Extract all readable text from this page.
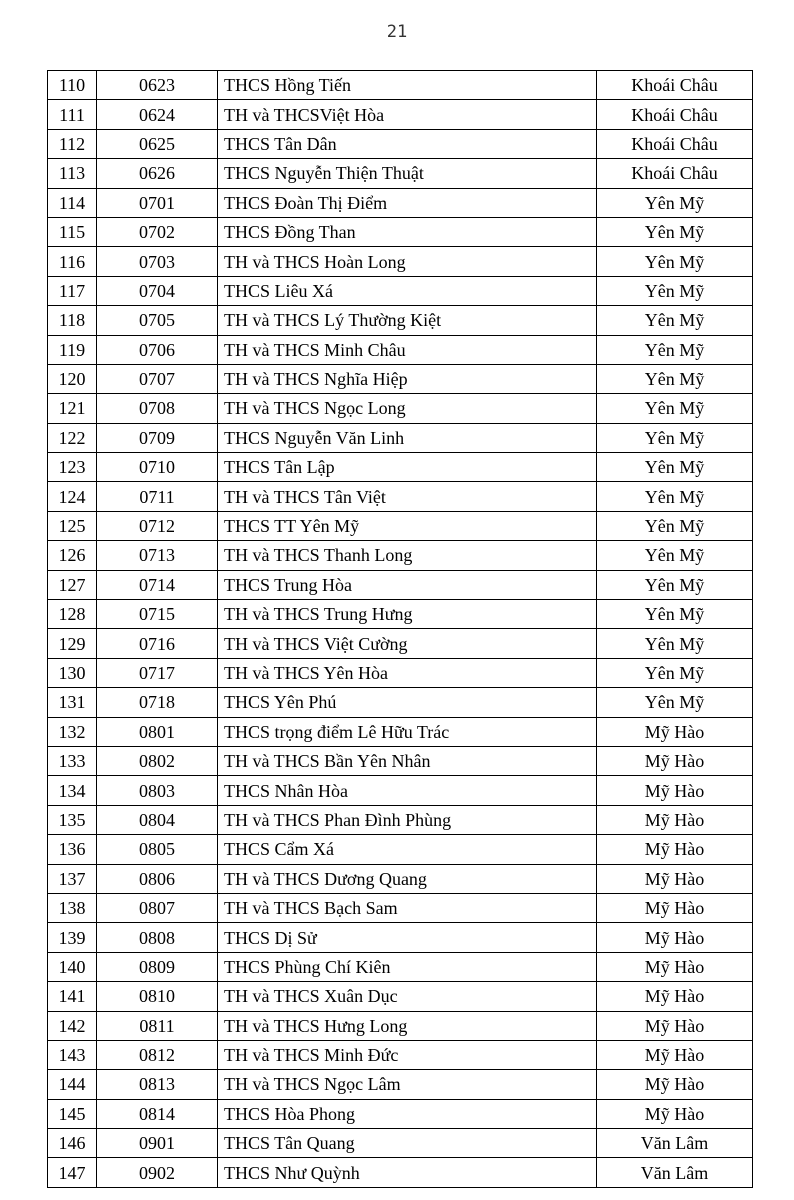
21
110	0623	THCS Hồng Tiến	Khoái Châu
111	0624	TH và THCSViệt Hòa	Khoái Châu
112	0625	THCS Tân Dân	Khoái Châu
113	0626	THCS Nguyễn Thiện Thuật	Khoái Châu
114	0701	THCS Đoàn Thị Điểm	Yên Mỹ
115	0702	THCS Đồng Than	Yên Mỹ
116	0703	TH và THCS Hoàn Long	Yên Mỹ
117	0704	THCS Liêu Xá	Yên Mỹ
118	0705	TH và THCS Lý Thường Kiệt	Yên Mỹ
119	0706	TH và THCS Minh Châu	Yên Mỹ
120	0707	TH và THCS Nghĩa Hiệp	Yên Mỹ
121	0708	TH và THCS Ngọc Long	Yên Mỹ
122	0709	THCS Nguyễn Văn Linh	Yên Mỹ
123	0710	THCS Tân Lập	Yên Mỹ
124	0711	TH và THCS Tân Việt	Yên Mỹ
125	0712	THCS TT Yên Mỹ	Yên Mỹ
126	0713	TH và THCS Thanh Long	Yên Mỹ
127	0714	THCS Trung Hòa	Yên Mỹ
128	0715	TH và THCS Trung Hưng	Yên Mỹ
129	0716	TH và THCS Việt Cường	Yên Mỹ
130	0717	TH và THCS Yên Hòa	Yên Mỹ
131	0718	THCS Yên Phú	Yên Mỹ
132	0801	THCS trọng điểm Lê Hữu Trác	Mỹ Hào
133	0802	TH và THCS Bần Yên Nhân	Mỹ Hào
134	0803	THCS Nhân Hòa	Mỹ Hào
135	0804	TH và THCS Phan Đình Phùng	Mỹ Hào
136	0805	THCS Cẩm Xá	Mỹ Hào
137	0806	TH và THCS Dương Quang	Mỹ Hào
138	0807	TH và THCS Bạch Sam	Mỹ Hào
139	0808	THCS Dị Sử	Mỹ Hào
140	0809	THCS Phùng Chí Kiên	Mỹ Hào
141	0810	TH và THCS Xuân Dục	Mỹ Hào
142	0811	TH và THCS Hưng Long	Mỹ Hào
143	0812	TH và THCS Minh Đức	Mỹ Hào
144	0813	TH và THCS Ngọc Lâm	Mỹ Hào
145	0814	THCS Hòa Phong	Mỹ Hào
146	0901	THCS Tân Quang	Văn Lâm
147	0902	THCS Như Quỳnh	Văn Lâm
